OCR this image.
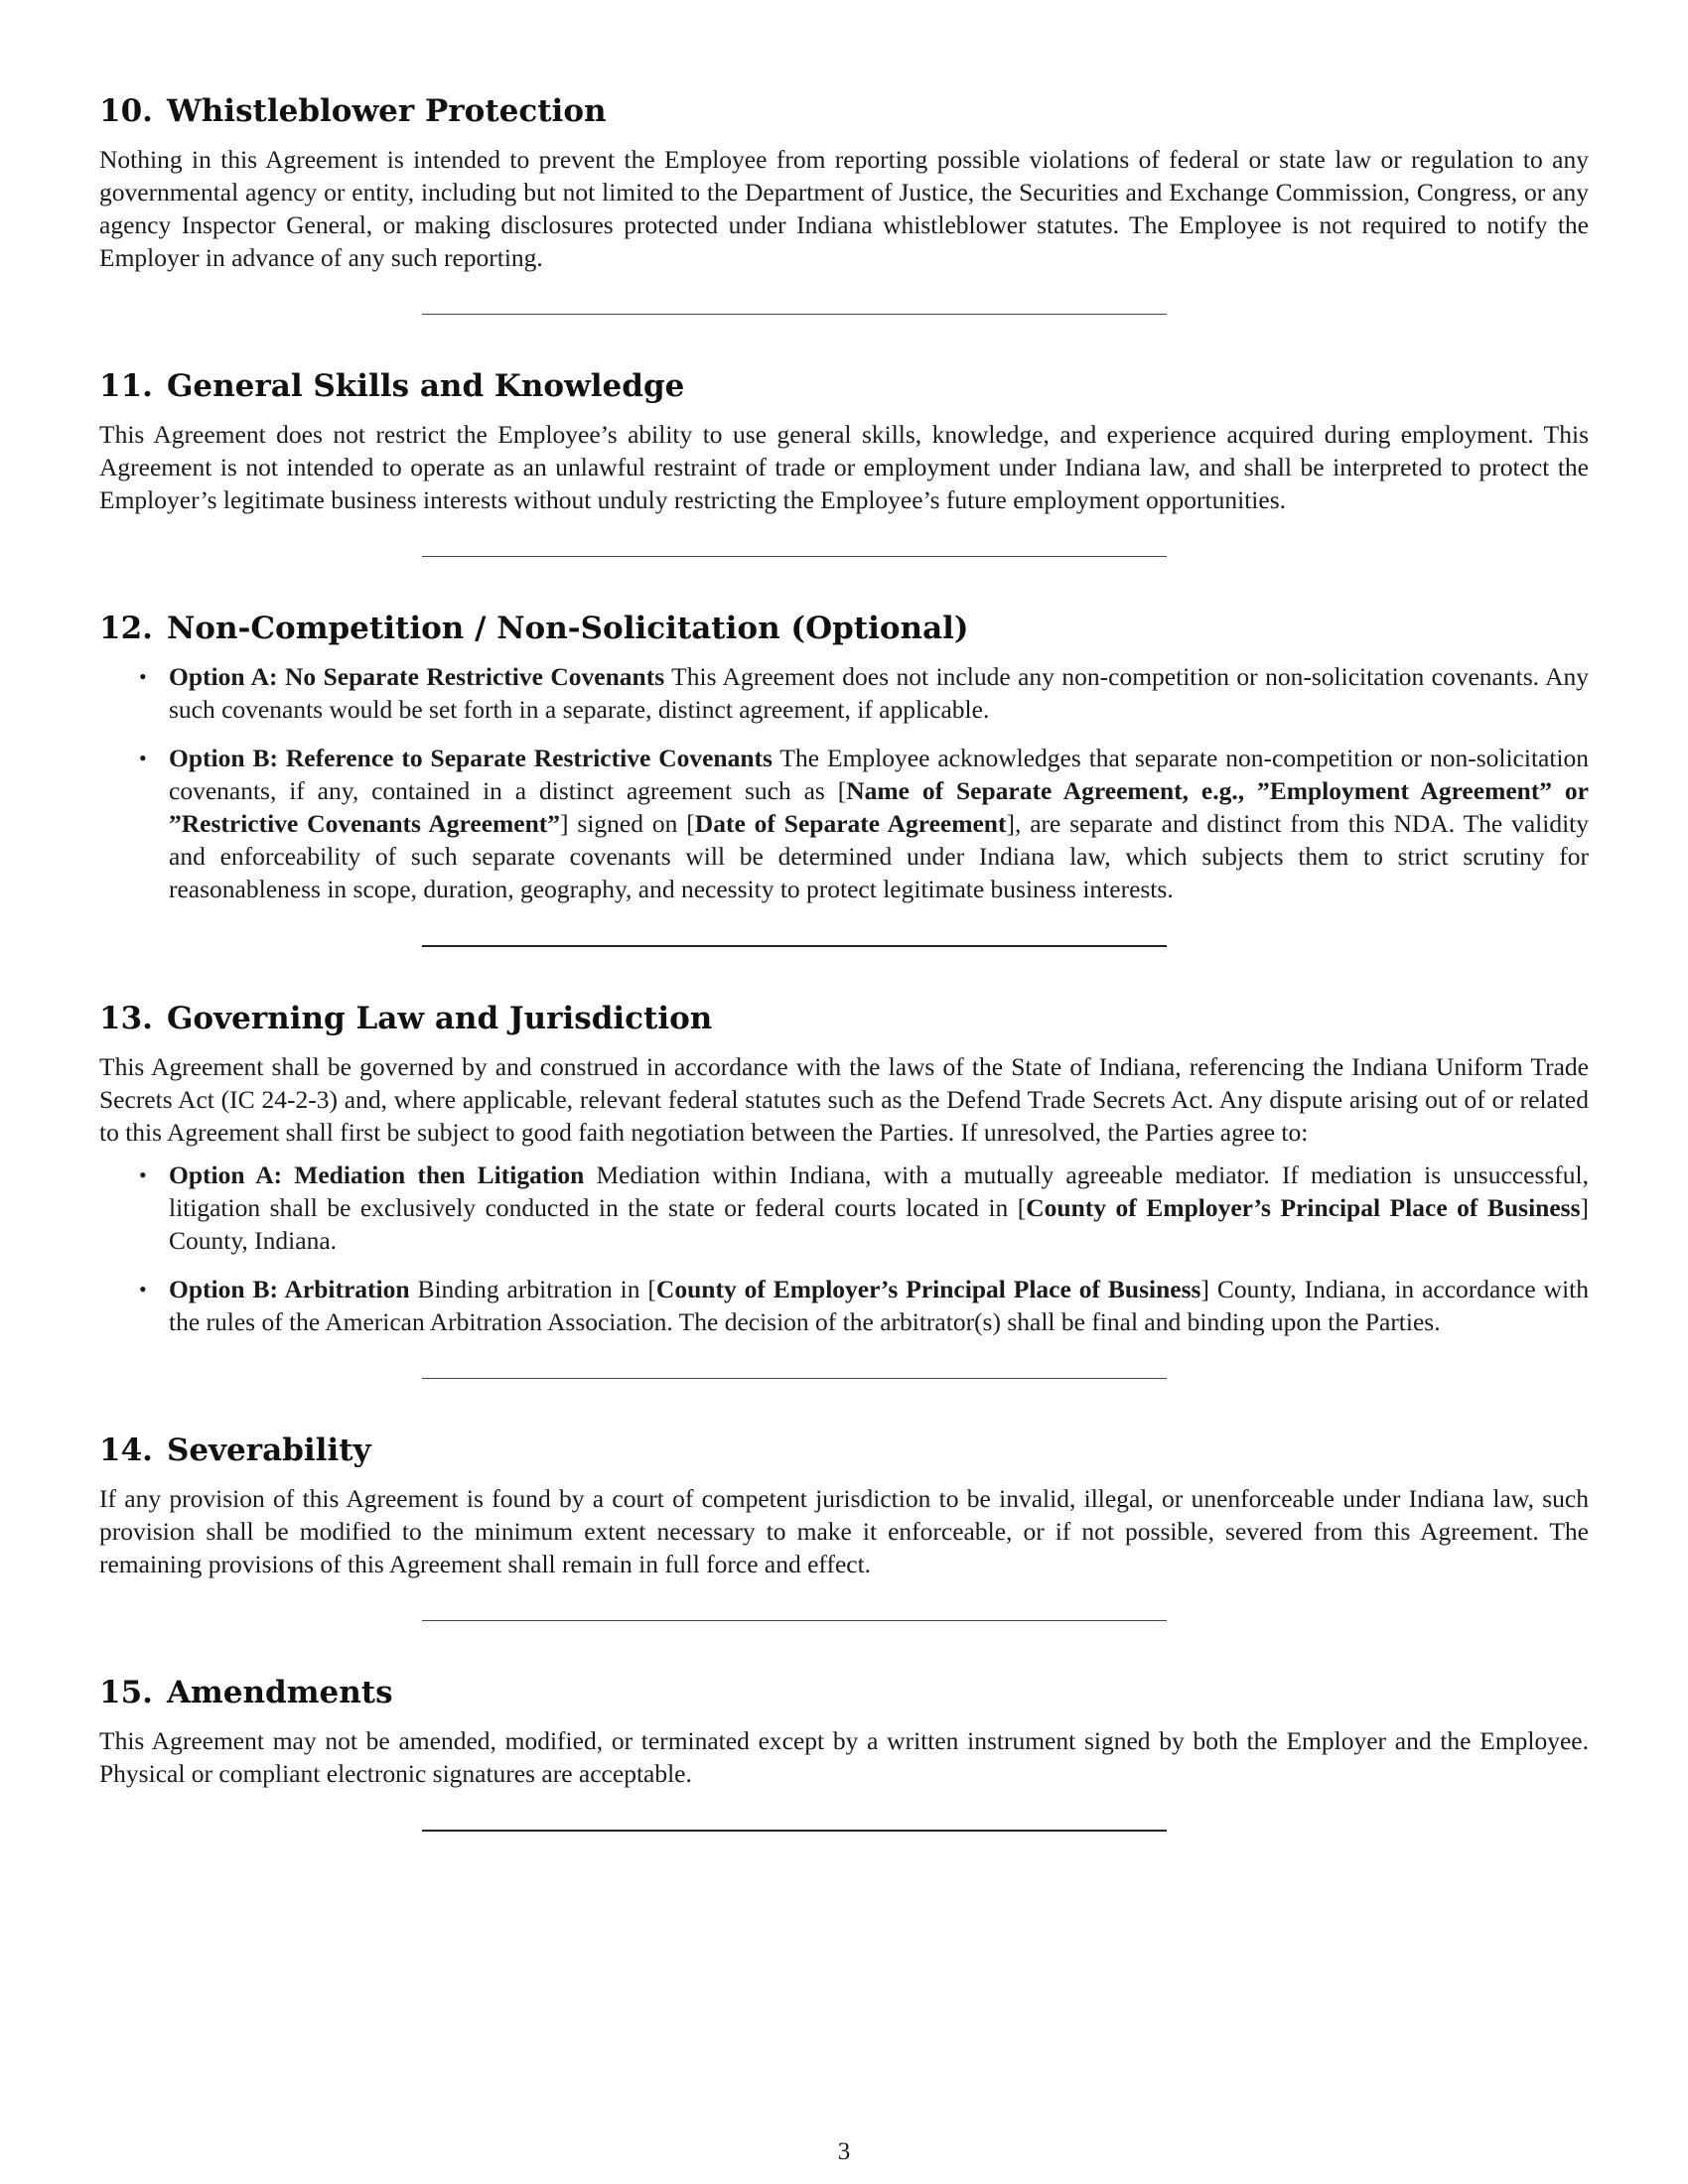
10. Whistleblower Protection

Nothing in this Agreement is intended to prevent the Employee from reporting possible violations of federal or state law or regulation to any governmental agency or entity, including but not limited to the Department of Justice, the Securities and Exchange Commission, Congress, or any agency Inspector General, or making disclosures protected under Indiana whistleblower statutes. The Employee is not required to notify the Employer in advance of any such reporting.

11. General Skills and Knowledge

This Agreement does not restrict the Employee’s ability to use general skills, knowledge, and experience acquired during employment. This Agreement is not intended to operate as an unlawful restraint of trade or employment under Indiana law, and shall be interpreted to protect the Employer’s legitimate business interests without unduly restricting the Employee’s future employment opportunities.

12. Non-Competition / Non-Solicitation (Optional)
• Option A: No Separate Restrictive Covenants This Agreement does not include any non-competition or non-solicitation covenants. Any such covenants would be set forth in a separate, distinct agreement, if applicable.
• Option B: Reference to Separate Restrictive Covenants The Employee acknowledges that separate non-competition or non-solicitation covenants, if any, contained in a distinct agreement such as [Name of Separate Agreement, e.g., ”Employment Agreement” or ”Restrictive Covenants Agreement”] signed on [Date of Separate Agreement], are separate and distinct from this NDA. The validity and enforceability of such separate covenants will be determined under Indiana law, which subjects them to strict scrutiny for reasonableness in scope, duration, geography, and necessity to protect legitimate business interests.
13. Governing Law and Jurisdiction

This Agreement shall be governed by and construed in accordance with the laws of the State of Indiana, referencing the Indiana Uniform Trade Secrets Act (IC 24-2-3) and, where applicable, relevant federal statutes such as the Defend Trade Secrets Act. Any dispute arising out of or related to this Agreement shall first be subject to good faith negotiation between the Parties. If unresolved, the Parties agree to:

• Option A: Mediation then Litigation Mediation within Indiana, with a mutually agreeable mediator. If mediation is unsuccessful, litigation shall be exclusively conducted in the state or federal courts located in [County of Employer’s Principal Place of Business] County, Indiana.
• Option B: Arbitration Binding arbitration in [County of Employer’s Principal Place of Business] County, Indiana, in accordance with the rules of the American Arbitration Association. The decision of the arbitrator(s) shall be final and binding upon the Parties.
14. Severability

If any provision of this Agreement is found by a court of competent jurisdiction to be invalid, illegal, or unenforceable under Indiana law, such provision shall be modified to the minimum extent necessary to make it enforceable, or if not possible, severed from this Agreement. The remaining provisions of this Agreement shall remain in full force and effect.

15. Amendments

This Agreement may not be amended, modified, or terminated except by a written instrument signed by both the Employer and the Employee. Physical or compliant electronic signatures are acceptable.

3
